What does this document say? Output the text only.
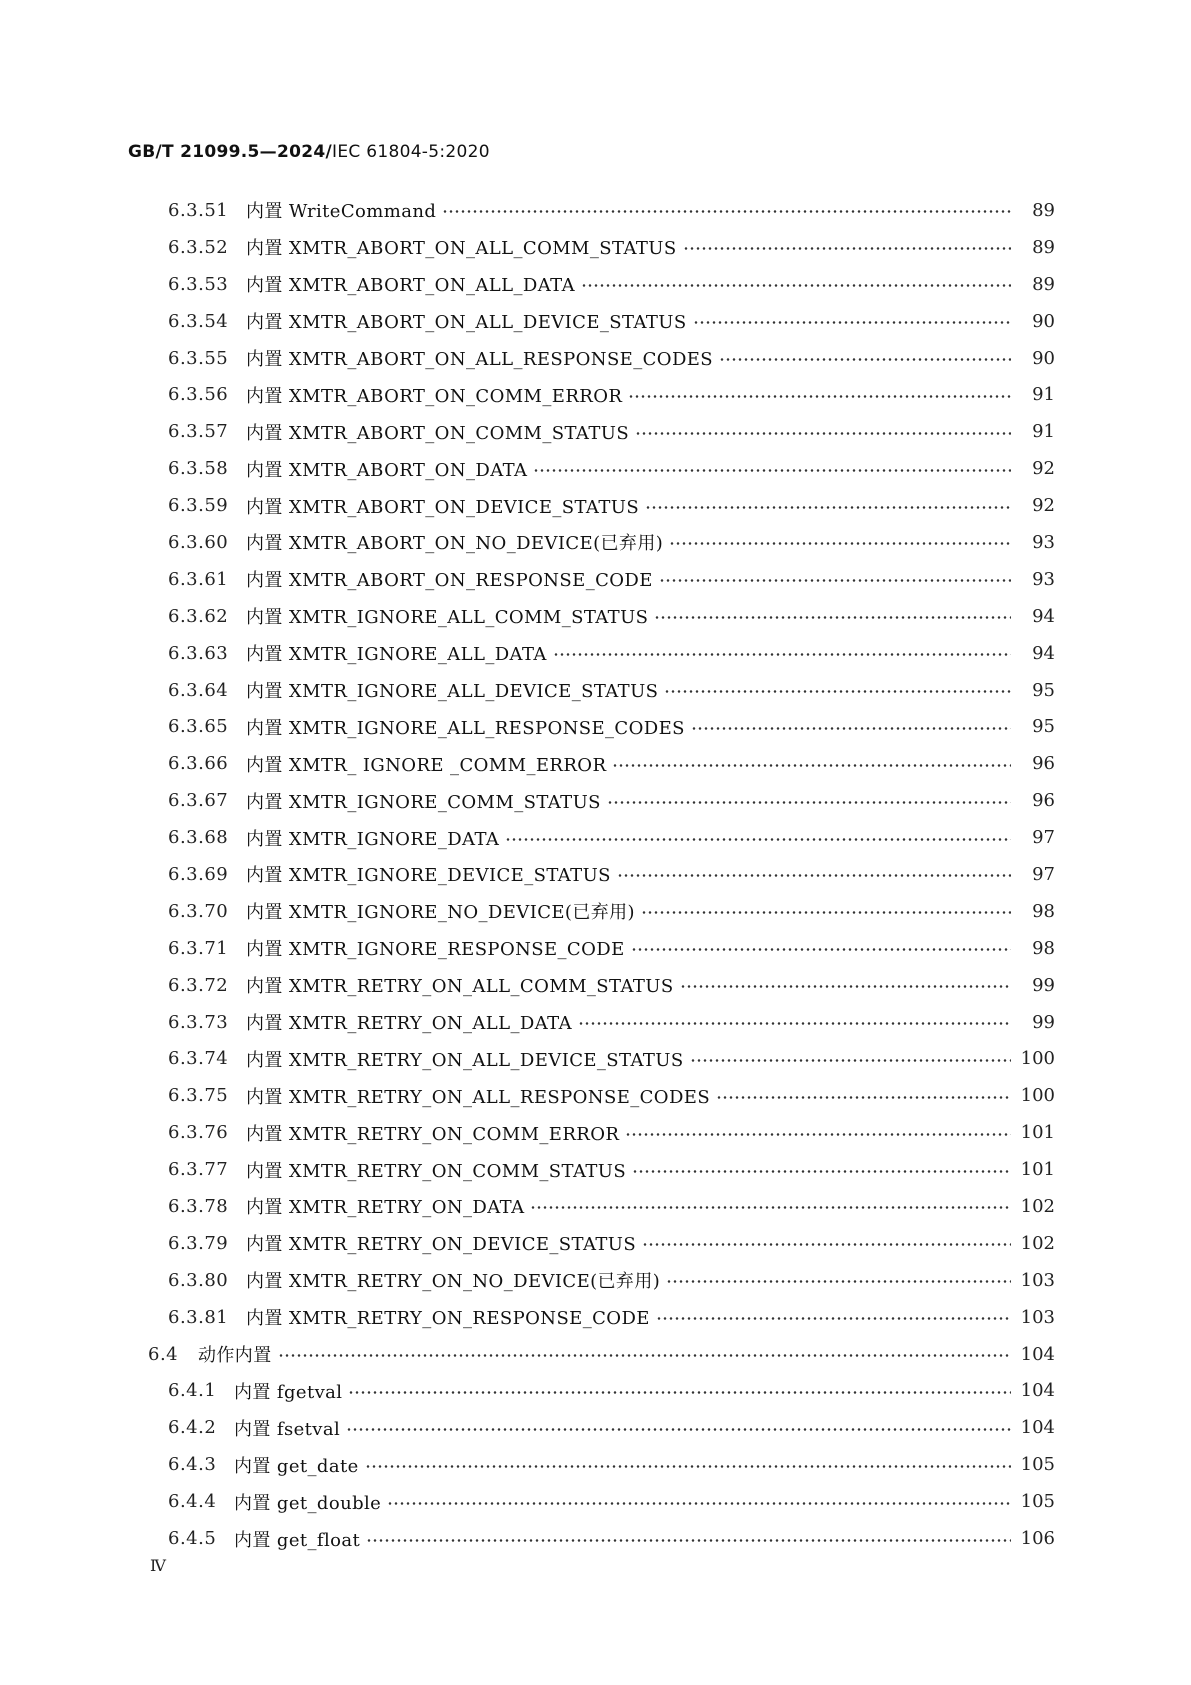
GB/T 21099.5—2024/IEC 61804-5:2020
6.3.51 内置 WriteCommand	89
6.3.52 内置 XMTR_ABORT_ON_ALL_COMM_STATUS	89
6.3.53 内置 XMTR_ABORT_ON_ALL_DATA	89
6.3.54 内置 XMTR_ABORT_ON_ALL_DEVICE_STATUS	90
6.3.55 内置 XMTR_ABORT_ON_ALL_RESPONSE_CODES	90
6.3.56 内置 XMTR_ABORT_ON_COMM_ERROR	91
6.3.57 内置 XMTR_ABORT_ON_COMM_STATUS	91
6.3.58 内置 XMTR_ABORT_ON_DATA	92
6.3.59 内置 XMTR_ABORT_ON_DEVICE_STATUS	92
6.3.60 内置 XMTR_ABORT_ON_NO_DEVICE(已弃用)	93
6.3.61 内置 XMTR_ABORT_ON_RESPONSE_CODE	93
6.3.62 内置 XMTR_IGNORE_ALL_COMM_STATUS	94
6.3.63 内置 XMTR_IGNORE_ALL_DATA	94
6.3.64 内置 XMTR_IGNORE_ALL_DEVICE_STATUS	95
6.3.65 内置 XMTR_IGNORE_ALL_RESPONSE_CODES	95
6.3.66 内置 XMTR_ IGNORE _COMM_ERROR	96
6.3.67 内置 XMTR_IGNORE_COMM_STATUS	96
6.3.68 内置 XMTR_IGNORE_DATA	97
6.3.69 内置 XMTR_IGNORE_DEVICE_STATUS	97
6.3.70 内置 XMTR_IGNORE_NO_DEVICE(已弃用)	98
6.3.71 内置 XMTR_IGNORE_RESPONSE_CODE	98
6.3.72 内置 XMTR_RETRY_ON_ALL_COMM_STATUS	99
6.3.73 内置 XMTR_RETRY_ON_ALL_DATA	99
6.3.74 内置 XMTR_RETRY_ON_ALL_DEVICE_STATUS	100
6.3.75 内置 XMTR_RETRY_ON_ALL_RESPONSE_CODES	100
6.3.76 内置 XMTR_RETRY_ON_COMM_ERROR	101
6.3.77 内置 XMTR_RETRY_ON_COMM_STATUS	101
6.3.78 内置 XMTR_RETRY_ON_DATA	102
6.3.79 内置 XMTR_RETRY_ON_DEVICE_STATUS	102
6.3.80 内置 XMTR_RETRY_ON_NO_DEVICE(已弃用)	103
6.3.81 内置 XMTR_RETRY_ON_RESPONSE_CODE	103
6.4	动作内置	104
6.4.1 内置 fgetval	104
6.4.2 内置 fsetval	104
6.4.3 内置 get_date	105
6.4.4 内置 get_double	105
6.4.5 内置 get_float	106
Ⅳ
